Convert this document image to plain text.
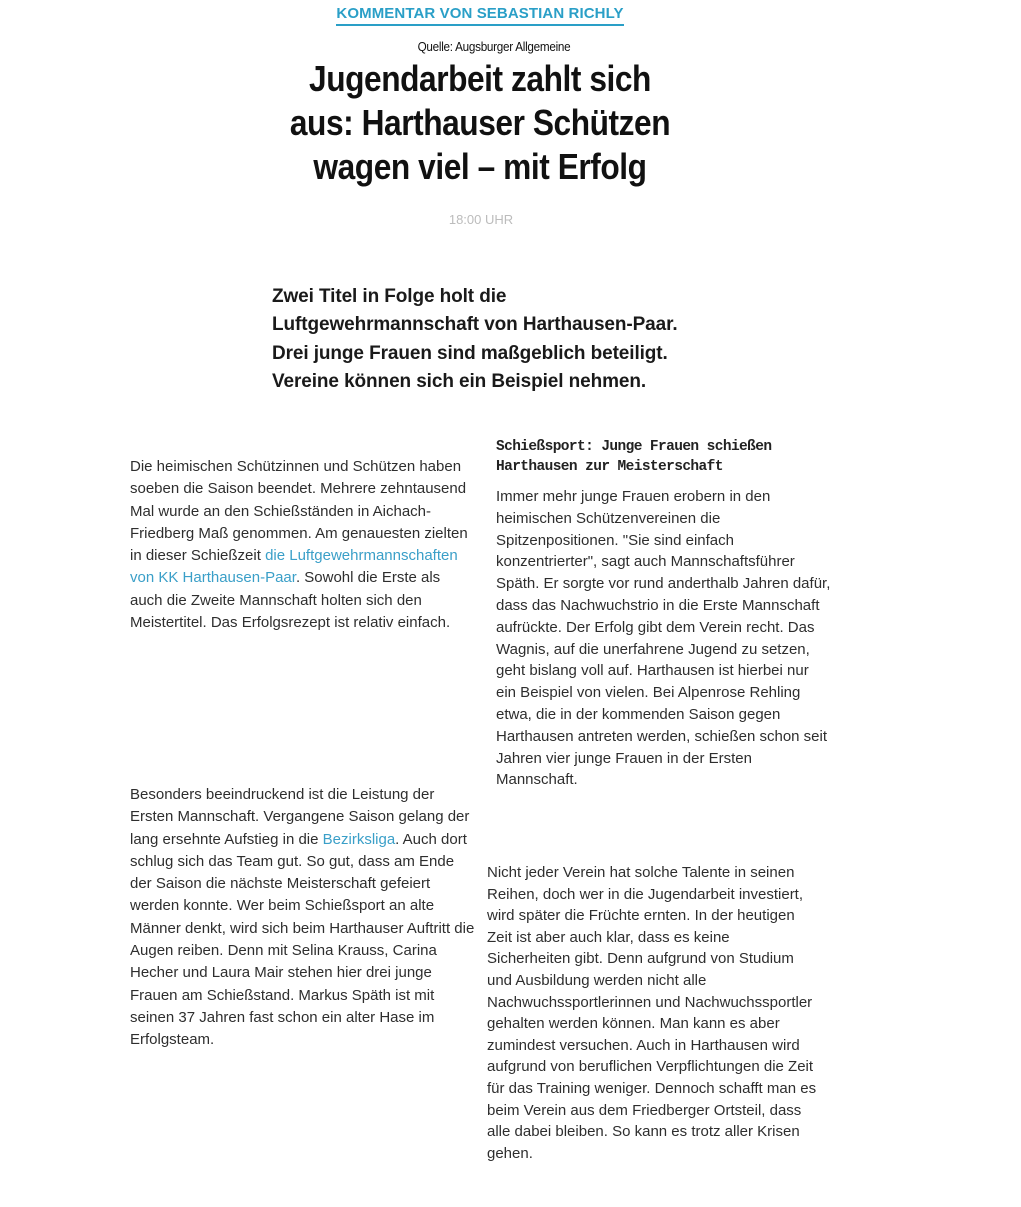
KOMMENTAR VON SEBASTIAN RICHLY
Quelle: Augsburger Allgemeine
Jugendarbeit zahlt sich aus: Harthauser Schützen wagen viel – mit Erfolg
18:00 UHR
Zwei Titel in Folge holt die Luftgewehrmannschaft von Harthausen-Paar. Drei junge Frauen sind maßgeblich beteiligt. Vereine können sich ein Beispiel nehmen.

Die heimischen Schützinnen und Schützen haben soeben die Saison beendet. Mehrere zehntausend Mal wurde an den Schießständen in Aichach-Friedberg Maß genommen. Am genauesten zielten in dieser Schießzeit die Luftgewehrmannschaften von KK Harthausen-Paar. Sowohl die Erste als auch die Zweite Mannschaft holten sich den Meistertitel. Das Erfolgsrezept ist relativ einfach.

Besonders beeindruckend ist die Leistung der Ersten Mannschaft. Vergangene Saison gelang der lang ersehnte Aufstieg in die Bezirksliga. Auch dort schlug sich das Team gut. So gut, dass am Ende der Saison die nächste Meisterschaft gefeiert werden konnte. Wer beim Schießsport an alte Männer denkt, wird sich beim Harthauser Auftritt die Augen reiben. Denn mit Selina Krauss, Carina Hecher und Laura Mair stehen hier drei junge Frauen am Schießstand. Markus Späth ist mit seinen 37 Jahren fast schon ein alter Hase im Erfolgsteam.

Schießsport: Junge Frauen schießen Harthausen zur Meisterschaft

Immer mehr junge Frauen erobern in den heimischen Schützenvereinen die Spitzenpositionen. "Sie sind einfach konzentrierter", sagt auch Mannschaftsführer Späth. Er sorgte vor rund anderthalb Jahren dafür, dass das Nachwuchstrio in die Erste Mannschaft aufrückte. Der Erfolg gibt dem Verein recht. Das Wagnis, auf die unerfahrene Jugend zu setzen, geht bislang voll auf. Harthausen ist hierbei nur ein Beispiel von vielen. Bei Alpenrose Rehling etwa, die in der kommenden Saison gegen Harthausen antreten werden, schießen schon seit Jahren vier junge Frauen in der Ersten Mannschaft.

Nicht jeder Verein hat solche Talente in seinen Reihen, doch wer in die Jugendarbeit investiert, wird später die Früchte ernten. In der heutigen Zeit ist aber auch klar, dass es keine Sicherheiten gibt. Denn aufgrund von Studium und Ausbildung werden nicht alle Nachwuchssportlerinnen und Nachwuchssportler gehalten werden können. Man kann es aber zumindest versuchen. Auch in Harthausen wird aufgrund von beruflichen Verpflichtungen die Zeit für das Training weniger. Dennoch schafft man es beim Verein aus dem Friedberger Ortsteil, dass alle dabei bleiben. So kann es trotz aller Krisen gehen.
